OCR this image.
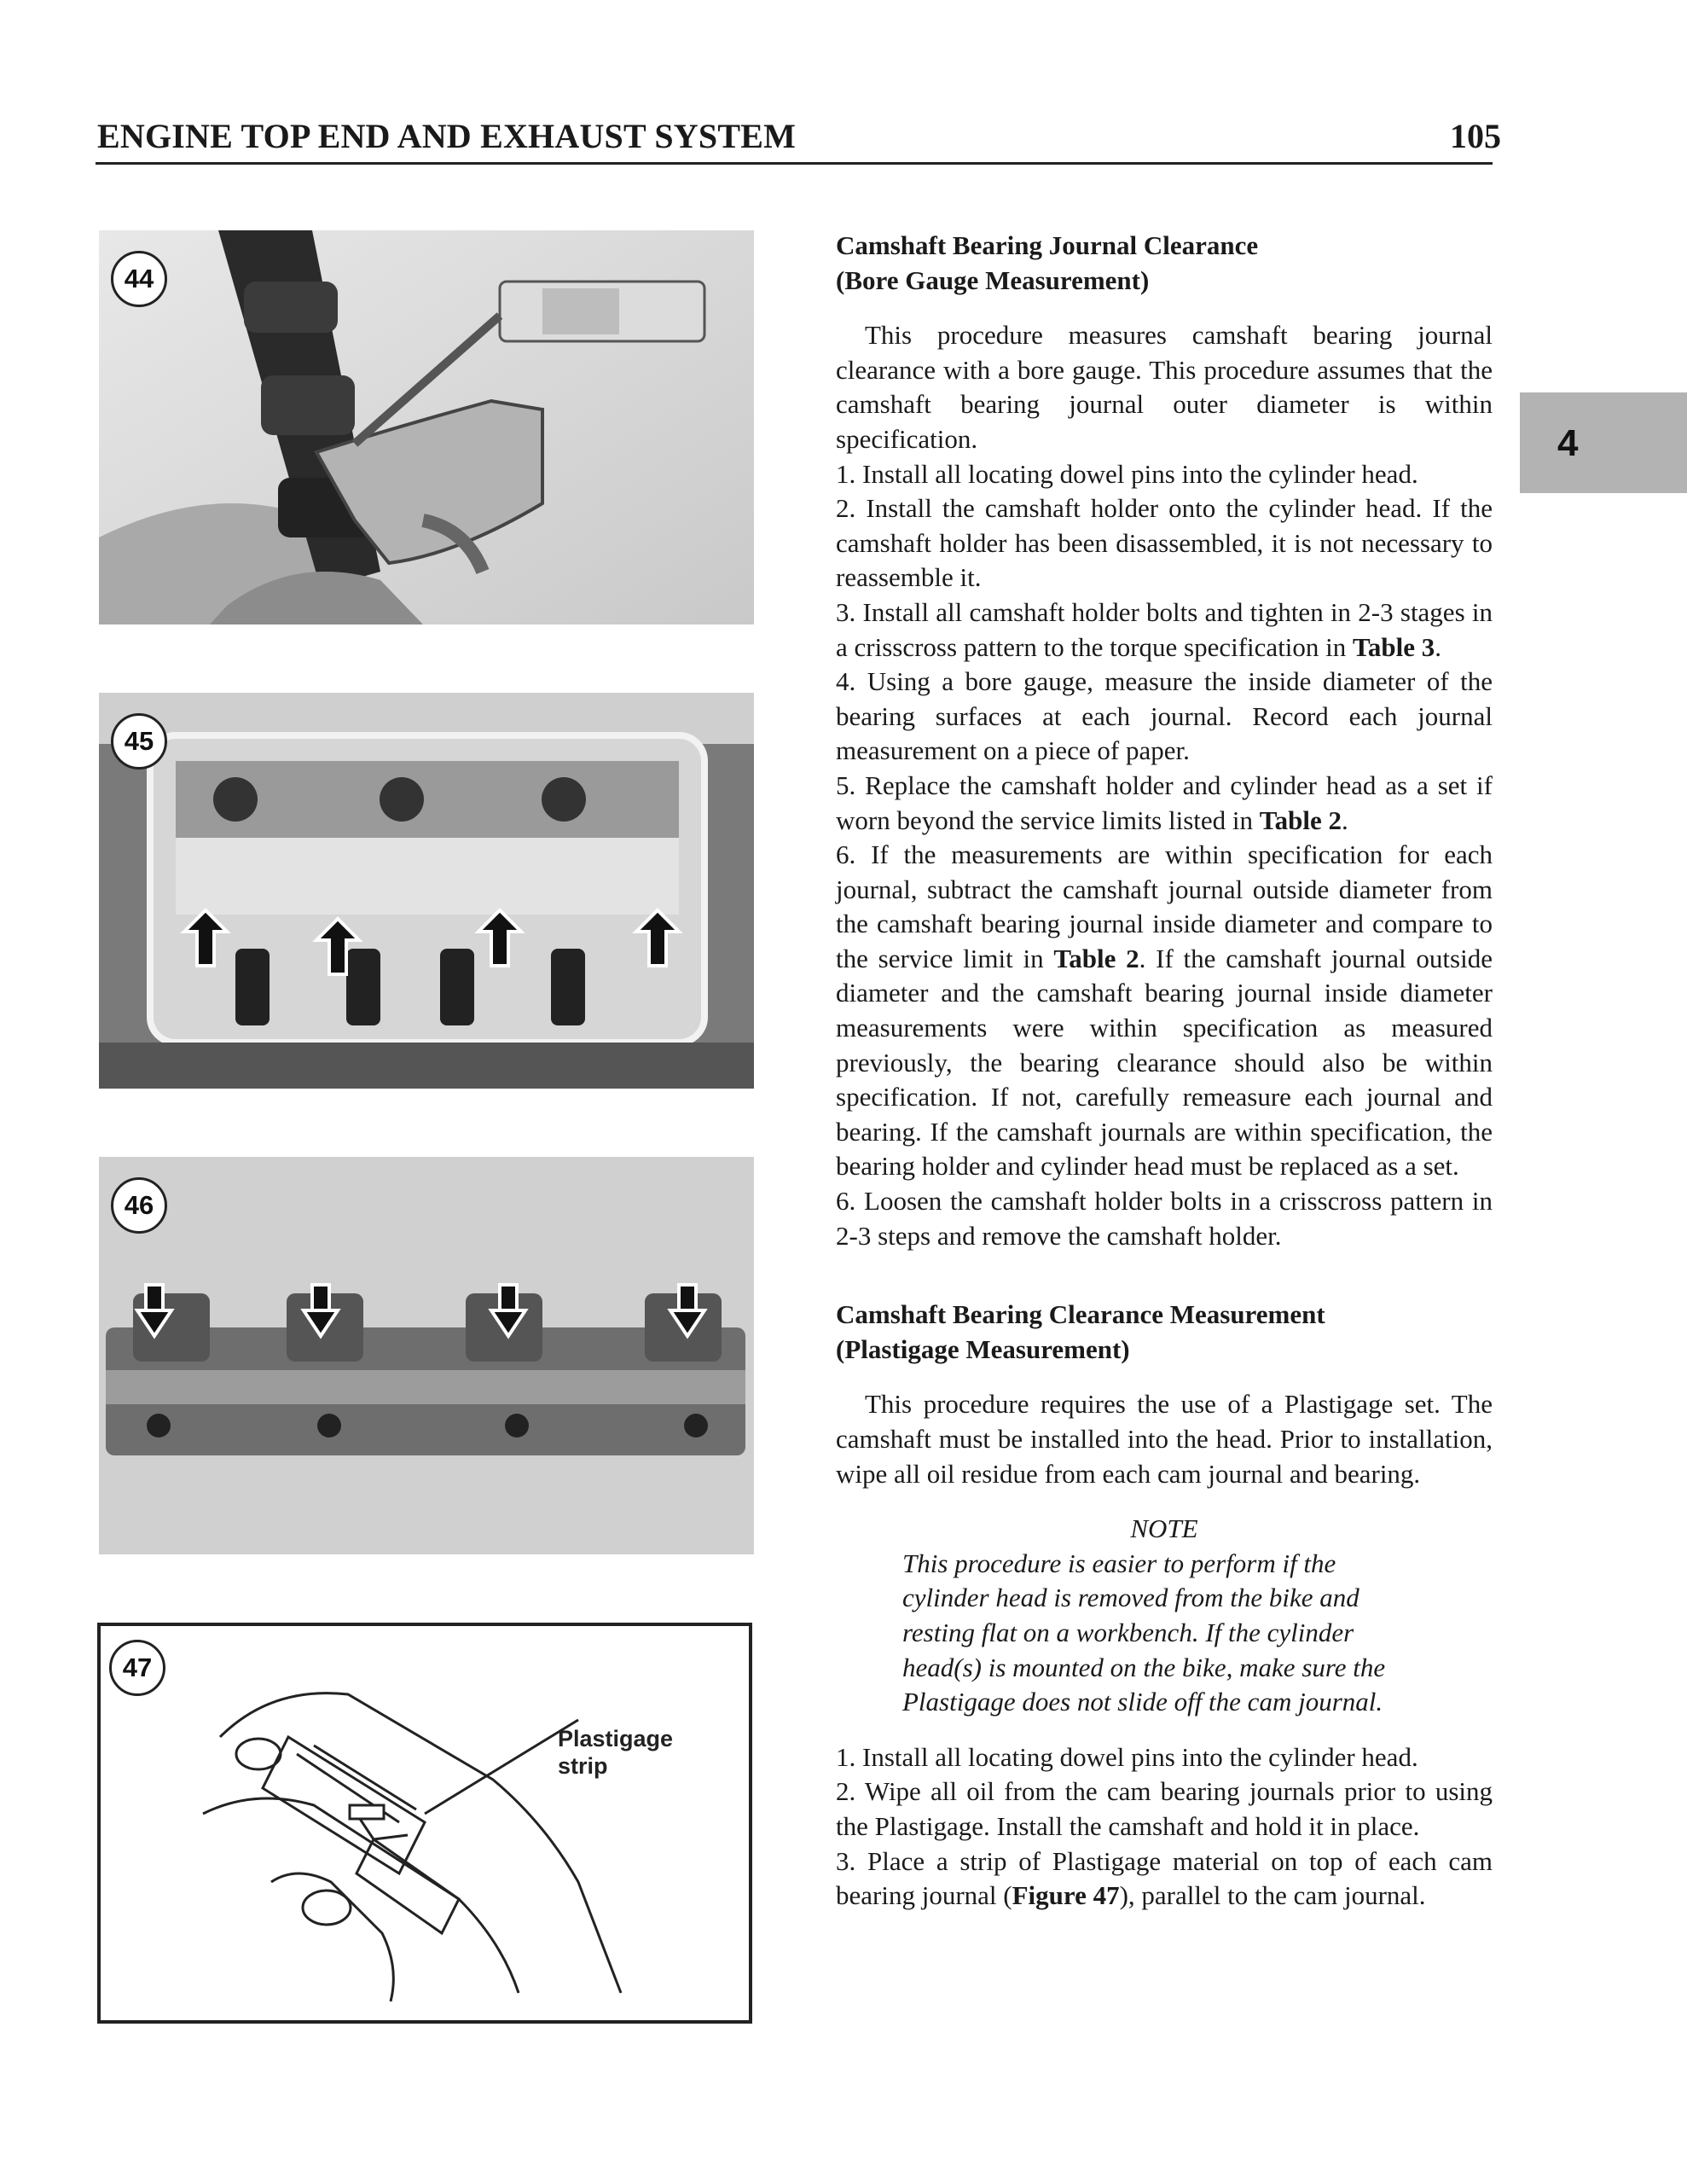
ENGINE TOP END AND EXHAUST SYSTEM	105
4
44
45
46
47
Plastigage strip
Camshaft Bearing Journal Clearance
(Bore Gauge Measurement)

This procedure measures camshaft bearing journal clearance with a bore gauge. This procedure assumes that the camshaft bearing journal outer diameter is within specification.

1. Install all locating dowel pins into the cylinder head.

2. Install the camshaft holder onto the cylinder head. If the camshaft holder has been disassembled, it is not necessary to reassemble it.

3. Install all camshaft holder bolts and tighten in 2-3 stages in a crisscross pattern to the torque specification in Table 3.

4. Using a bore gauge, measure the inside diameter of the bearing surfaces at each journal. Record each journal measurement on a piece of paper.

5. Replace the camshaft holder and cylinder head as a set if worn beyond the service limits listed in Table 2.

6. If the measurements are within specification for each journal, subtract the camshaft journal outside diameter from the camshaft bearing journal inside diameter and compare to the service limit in Table 2. If the camshaft journal outside diameter and the camshaft bearing journal inside diameter measurements were within specification as measured previously, the bearing clearance should also be within specification. If not, carefully remeasure each journal and bearing. If the camshaft journals are within specification, the bearing holder and cylinder head must be replaced as a set.

6. Loosen the camshaft holder bolts in a crisscross pattern in 2-3 steps and remove the camshaft holder.

Camshaft Bearing Clearance Measurement
(Plastigage Measurement)

This procedure requires the use of a Plastigage set. The camshaft must be installed into the head. Prior to installation, wipe all oil residue from each cam journal and bearing.

NOTE
This procedure is easier to perform if the cylinder head is removed from the bike and resting flat on a workbench. If the cylinder head(s) is mounted on the bike, make sure the Plastigage does not slide off the cam journal.

1. Install all locating dowel pins into the cylinder head.

2. Wipe all oil from the cam bearing journals prior to using the Plastigage. Install the camshaft and hold it in place.

3. Place a strip of Plastigage material on top of each cam bearing journal (Figure 47), parallel to the cam journal.
